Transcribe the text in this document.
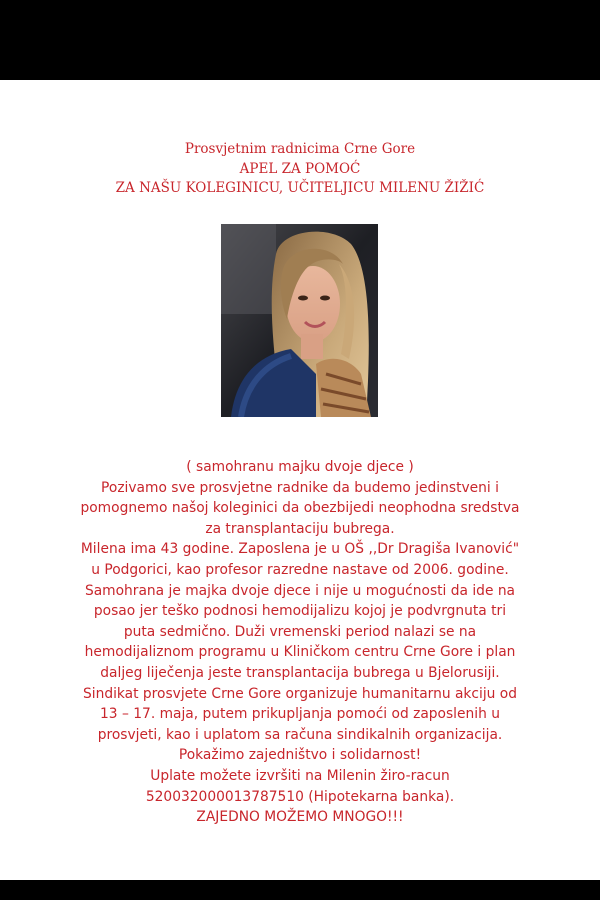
Prosvjetnim radnicima Crne Gore
APEL ZA POMOĆ
ZA NAŠU KOLEGINICU, UČITELJICU MILENU ŽIŽIĆ
( samohranu majku dvoje djece )
Pozivamo sve prosvjetne radnike da budemo jedinstveni i
pomognemo našoj koleginici da obezbijedi neophodna sredstva
za transplantaciju bubrega.
Milena ima 43 godine. Zaposlena je u OŠ ,,Dr Dragiša Ivanović"
u Podgorici, kao profesor razredne nastave od 2006. godine.
Samohrana je majka dvoje djece i nije u mogućnosti da ide na
posao jer teško podnosi hemodijalizu kojoj je podvrgnuta tri
puta sedmično. Duži vremenski period nalazi se na
hemodijaliznom programu u Kliničkom centru Crne Gore i plan
daljeg liječenja jeste transplantacija bubrega u Bjelorusiji.
Sindikat prosvjete Crne Gore organizuje humanitarnu akciju od
13 – 17. maja, putem prikupljanja pomoći od zaposlenih u
prosvjeti, kao i uplatom sa računa sindikalnih organizacija.
Pokažimo zajedništvo i solidarnost!
Uplate možete izvršiti na Milenin žiro-racun
520032000013787510 (Hipotekarna banka).
ZAJEDNO MOŽEMO MNOGO!!!
